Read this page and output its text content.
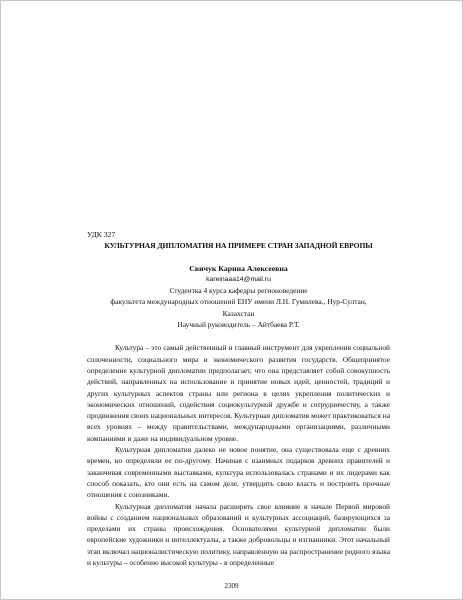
УДК 327

КУЛЬТУРНАЯ ДИПЛОМАТИЯ НА ПРИМЕРЕ СТРАН ЗАПАДНОЙ ЕВРОПЫ

Свичук Карина Алексеевна

kareinaaa14@mail.ru

Студентка 4 курса кафедры регионоведение

факультета международных отношений ЕНУ имени Л.Н. Гумилева., Нур-Султан,

Казахстан

Научный руководитель – Айтбаева Р.Т.

Культура – это самый действенный и главный инструмент для укрепления социальной сплоченности, социального мира и экономического развития государств. Общепринятое определение культурной дипломатии предполагает, что она представляет собой совокупность действий, направленных на использование и принятие новых идей, ценностей, традиций и других культурных аспектов страны или региона в целях укрепления политических и экономических отношений, содействия социокультурной дружбе и сотрудничеству, а также продвижения своих национальных интересов. Культурная дипломатия может практиковаться на всех уровнях – между правительствами, международными организациями, различными компаниями и даже на индивидуальном уровне.

Культурная дипломатия далеко не новое понятие, она существовала еще с древних времен, но определяли ее по-другому. Начиная с взаимных подарков древних правителей и заканчивая современными выставками, культура использовалась странами и их лидерами как способ показать, кто они есть на самом деле, утвердить свою власть и построить прочные отношения с союзниками.

Культурная дипломатия начала расширять свое влияние в начале Первой мировой войны с созданием национальных образований и культурных ассоциаций, базирующихся за пределами их страны происхождения. Основателями культурной дипломатии были европейские художники и интеллектуалы, а также добровольцы и изгнанники. Этот начальный этап включал националистическую политику, направленную на распространение родного языка и культуры – особенно высокой культуры - в определенные

2309
